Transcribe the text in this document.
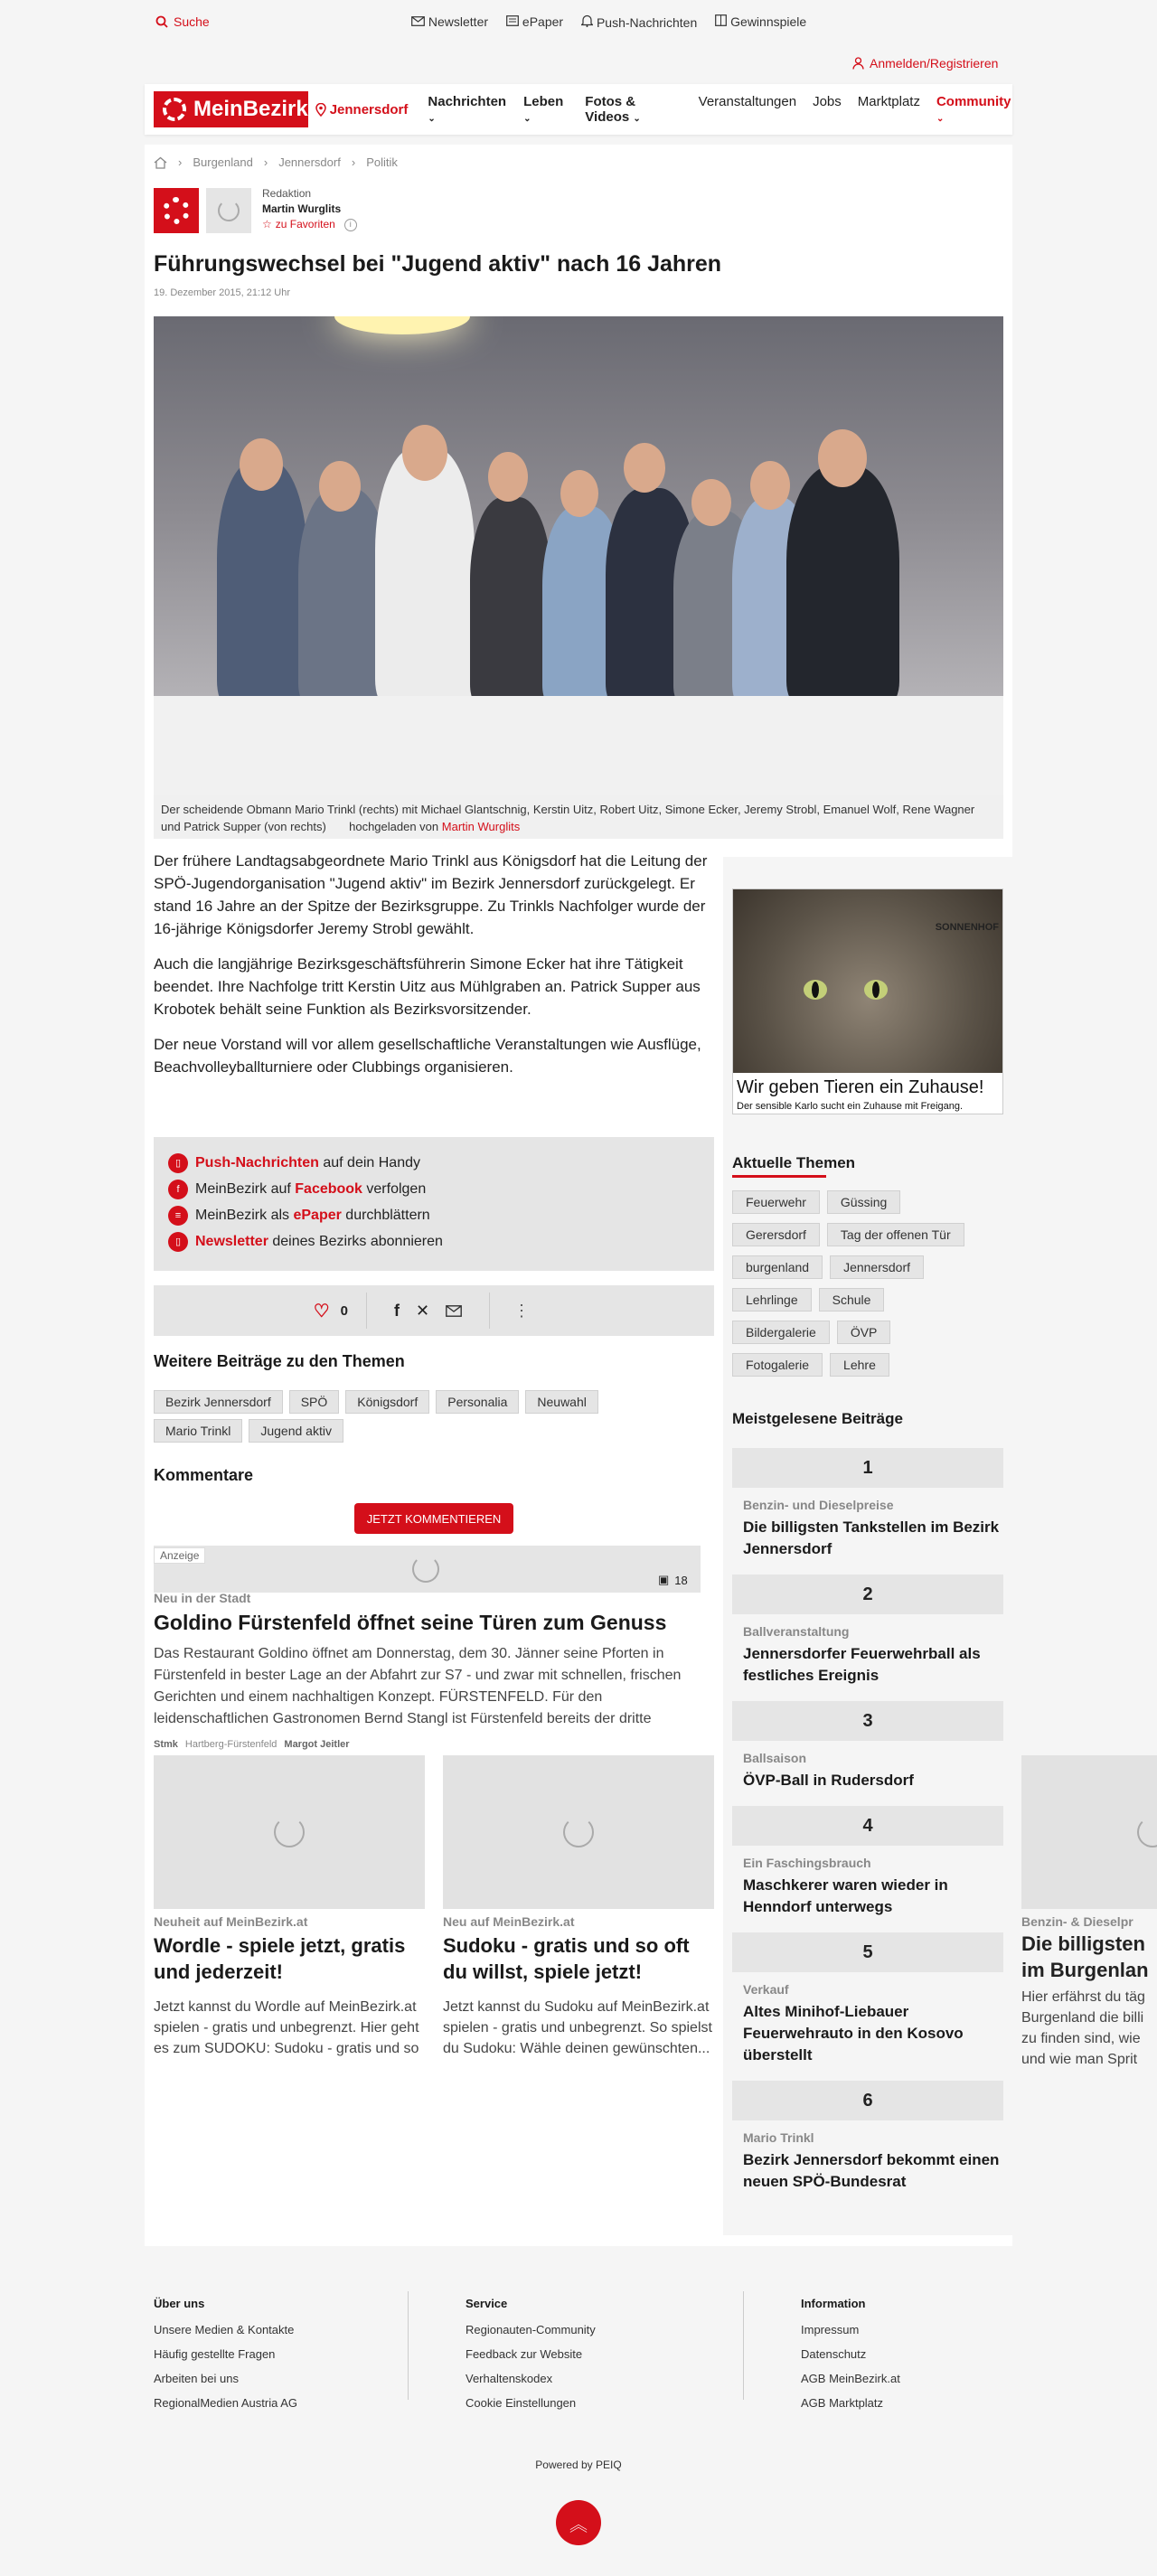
Suche	Newsletter	ePaper	Push-Nachrichten	Gewinnspiele
Anmelden/Registrieren
MeinBezirk Jennersdorf Nachrichten ⌄
Leben ⌄
Fotos & Videos ⌄
Veranstaltungen Jobs Marktplatz Community ⌄
› Burgenland › Jennersdorf › Politik
Redaktion
Martin Wurglits
☆ zu Favoriten	i
Führungswechsel bei "Jugend aktiv" nach 16 Jahren
19. Dezember 2015, 21:12 Uhr
Der scheidende Obmann Mario Trinkl (rechts) mit Michael Glantschnig, Kerstin Uitz, Robert Uitz, Simone Ecker, Jeremy Strobl, Emanuel Wolf, Rene Wagner und Patrick Supper (von rechts) hochgeladen von Martin Wurglits

Der frühere Landtagsabgeordnete Mario Trinkl aus Königsdorf hat die Leitung der SPÖ-Jugendorganisation "Jugend aktiv" im Bezirk Jennersdorf zurückgelegt. Er stand 16 Jahre an der Spitze der Bezirksgruppe. Zu Trinkls Nachfolger wurde der 16-jährige Königsdorfer Jeremy Strobl gewählt.

Auch die langjährige Bezirksgeschäftsführerin Simone Ecker hat ihre Tätigkeit beendet. Ihre Nachfolge tritt Kerstin Uitz aus Mühlgraben an. Patrick Supper aus Krobotek behält seine Funktion als Bezirksvorsitzender.

Der neue Vorstand will vor allem gesellschaftliche Veranstaltungen wie Ausflüge, Beachvolleyballturniere oder Clubbings organisieren.

▯ Push-Nachrichten auf dein Handy
f	MeinBezirk auf Facebook verfolgen
≡ MeinBezirk als ePaper durchblättern
▯ Newsletter deines Bezirks abonnieren
♡ 0	f ✕	⋮
Weitere Beiträge zu den Themen
Bezirk Jennersdorf	SPÖ	Königsdorf	Personalia	Neuwahl
Mario Trinkl	Jugend aktiv
Kommentare
JETZT KOMMENTIEREN
Anzeige
▣ 18
Neu in der Stadt
Goldino Fürstenfeld öffnet seine Türen zum Genuss
Das Restaurant Goldino öffnet am Donnerstag, dem 30. Jänner seine Pforten in Fürstenfeld in bester Lage an der Abfahrt zur S7 - und zwar mit schnellen, frischen Gerichten und einem nachhaltigen Konzept. FÜRSTENFELD. Für den leidenschaftlichen Gastronomen Bernd Stangl ist Fürstenfeld bereits der dritte
Stmk Hartberg-Fürstenfeld Margot Jeitler
Neuheit auf MeinBezirk.at
Wordle - spiele jetzt, gratis und jederzeit!
Jetzt kannst du Wordle auf MeinBezirk.at spielen - gratis und unbegrenzt. Hier geht es zum SUDOKU: Sudoku - gratis und so
Neu auf MeinBezirk.at
Sudoku - gratis und so oft du willst, spiele jetzt!
Jetzt kannst du Sudoku auf MeinBezirk.at spielen - gratis und unbegrenzt. So spielst du Sudoku: Wähle deinen gewünschten...
SONNENHOF
Wir geben Tieren ein Zuhause!
Der sensible Karlo sucht ein Zuhause mit Freigang.
Aktuelle Themen
Feuerwehr	Güssing
Gerersdorf	Tag der offenen Tür
burgenland	Jennersdorf
Lehrlinge	Schule
Bildergalerie	ÖVP
Fotogalerie	Lehre
Meistgelesene Beiträge
1
Benzin- und Dieselpreise
Die billigsten Tankstellen im Bezirk Jennersdorf
2
Ballveranstaltung
Jennersdorfer Feuerwehrball als festliches Ereignis
3
Ballsaison
ÖVP-Ball in Rudersdorf
4
Ein Faschingsbrauch
Maschkerer waren wieder in Henndorf unterwegs
5
Verkauf
Altes Minihof-Liebauer Feuerwehrauto in den Kosovo überstellt
6
Mario Trinkl
Bezirk Jennersdorf bekommt einen neuen SPÖ-Bundesrat
Benzin- & Dieselpr
Die billigsten
im Burgenlan
Hier erfährst du täg
Burgenland die billi
zu finden sind, wie
und wie man Sprit
Über uns
Unsere Medien & Kontakte
Häufig gestellte Fragen
Arbeiten bei uns
RegionalMedien Austria AG
Service
Regionauten-Community
Feedback zur Website
Verhaltenskodex
Cookie Einstellungen
Information
Impressum
Datenschutz
AGB MeinBezirk.at
AGB Marktplatz
Powered by PEIQ
︽
